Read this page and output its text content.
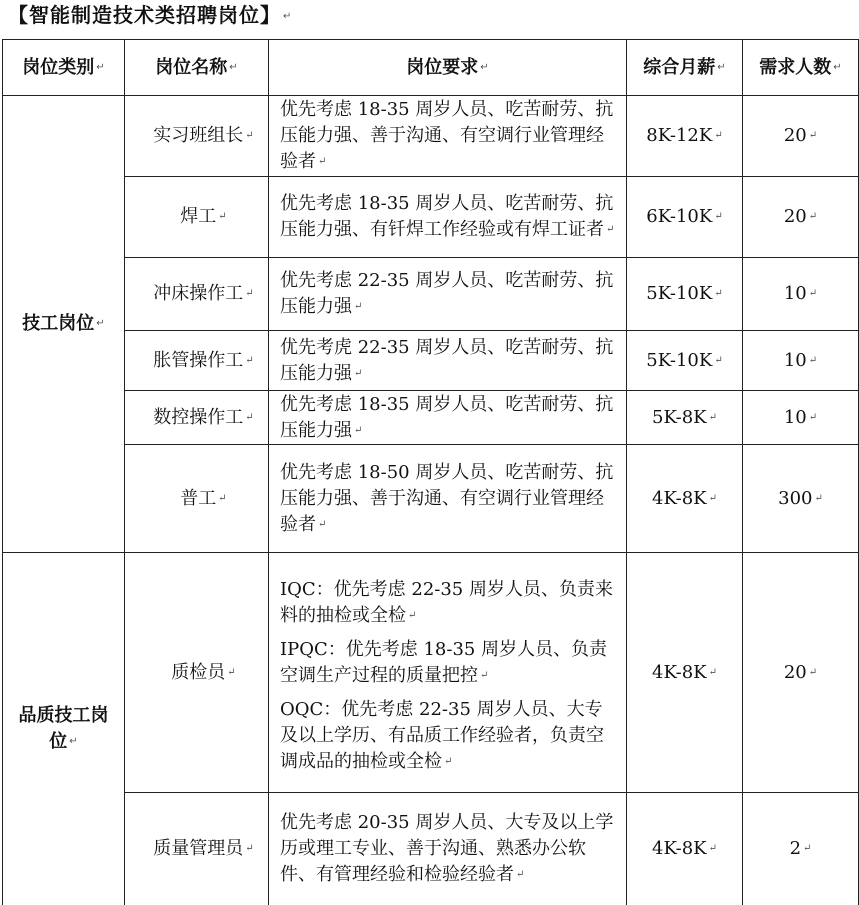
【智能制造技术类招聘岗位】 ↵
岗位类别 ↵	岗位名称 ↵	岗位要求 ↵	综合月薪 ↵	需求人数 ↵
技工岗位 ↵	实习班组长 ↵	优先考虑 18-35 周岁人员、吃苦耐劳、抗压能力强、善于沟通、有空调行业管理经验者 ↵	8K-12K ↵	20 ↵
	焊工 ↵	优先考虑 18-35 周岁人员、吃苦耐劳、抗压能力强、有钎焊工作经验或有焊工证者 ↵	6K-10K ↵	20 ↵
	冲床操作工 ↵	优先考虑 22-35 周岁人员、吃苦耐劳、抗压能力强 ↵	5K-10K ↵	10 ↵
	胀管操作工 ↵	优先考虎 22-35 周岁人员、吃苦耐劳、抗压能力强 ↵	5K-10K ↵	10 ↵
	数控操作工 ↵	优先考虑 18-35 周岁人员、吃苦耐劳、抗压能力强 ↵	5K-8K ↵	10 ↵
	普工 ↵	优先考虑 18-50 周岁人员、吃苦耐劳、抗压能力强、善于沟通、有空调行业管理经验者 ↵	4K-8K ↵	300 ↵
品质技工岗位 ↵	质检员 ↵	IQC：优先考虑 22-35 周岁人员、负责来料的抽检或全检 ↵

IPQC：优先考虑 18-35 周岁人员、负责空调生产过程的质量把控 ↵

OQC：优先考虑 22-35 周岁人员、大专及以上学历、有品质工作经验者，负责空调成品的抽检或全检 ↵	4K-8K ↵	20 ↵
	质量管理员 ↵	优先考虑 20-35 周岁人员、大专及以上学历或理工专业、善于沟通、熟悉办公软件、有管理经验和检验经验者 ↵	4K-8K ↵	2 ↵
